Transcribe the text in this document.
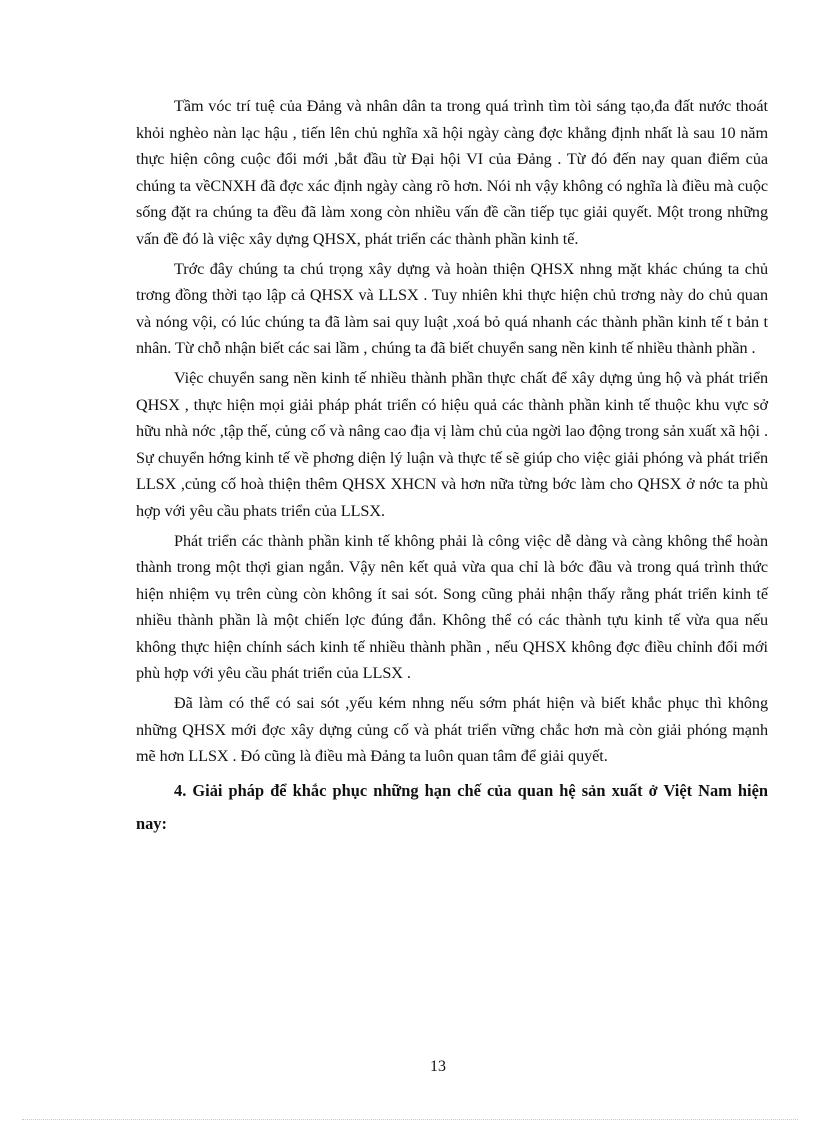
Tầm vóc trí tuệ của Đảng và nhân dân ta trong quá trình tìm tòi sáng tạo,đa đất nước thoát khỏi nghèo nàn lạc hậu , tiến lên chủ nghĩa xã hội ngày càng đợc khẳng định nhất là sau 10 năm thực hiện công cuộc đổi mới ,bắt đầu từ Đại hội VI của Đảng . Từ đó đến nay quan điểm của chúng ta vềCNXH đã đợc xác định ngày càng rõ hơn. Nói nh vậy không có nghĩa là điều mà cuộc sống đặt ra chúng ta đều đã làm xong còn nhiều vấn đề cần tiếp tục giải quyết. Một trong những vấn đề đó là việc xây dựng QHSX, phát triển các thành phần kinh tế.

Trớc đây chúng ta chú trọng xây dựng và hoàn thiện QHSX nhng mặt khác chúng ta chủ trơng đồng thời tạo lập cả QHSX và LLSX . Tuy nhiên khi thực hiện chủ trơng này do chủ quan và nóng vội, có lúc chúng ta đã làm sai quy luật ,xoá bỏ quá nhanh các thành phần kinh tế t bản t nhân. Từ chỗ nhận biết các sai lầm , chúng ta đã biết chuyển sang nền kinh tế nhiều thành phần .

Việc chuyển sang nền kinh tế nhiều thành phần thực chất để xây dựng ủng hộ và phát triển QHSX , thực hiện mọi giải pháp phát triển có hiệu quả các thành phần kinh tế thuộc khu vực sở hữu nhà nớc ,tập thế, củng cố và nâng cao địa vị làm chủ của ngời lao động trong sản xuất xã hội . Sự chuyển hớng kinh tế về phơng diện lý luận và thực tế sẽ giúp cho việc giải phóng và phát triển LLSX ,củng cố hoà thiện thêm QHSX XHCN và hơn nữa từng bớc làm cho QHSX ở nớc ta phù hợp với yêu cầu phats triển của LLSX.

Phát triển các thành phần kinh tế không phải là công việc dễ dàng và càng không thể hoàn thành trong một thợi gian ngắn. Vậy nên kết quả vừa qua chỉ là bớc đầu và trong quá trình thức hiện nhiệm vụ trên cùng còn không ít sai sót. Song cũng phải nhận thấy rằng phát triển kinh tế nhiều thành phần là một chiến lợc đúng đắn. Không thể có các thành tựu kinh tế vừa qua nếu không thực hiện chính sách kinh tế nhiều thành phần , nếu QHSX không đợc điều chỉnh đổi mới phù hợp với yêu cầu phát triển của LLSX .

Đã làm có thể có sai sót ,yếu kém nhng nếu sớm phát hiện và biết khắc phục thì không những QHSX mới đợc xây dựng củng cố và phát triển vững chắc hơn mà còn giải phóng mạnh mẽ hơn LLSX . Đó cũng là điều mà Đảng ta luôn quan tâm để giải quyết.

4. Giải pháp để khắc phục những hạn chế của quan hệ sản xuất ở Việt Nam hiện nay:

13
